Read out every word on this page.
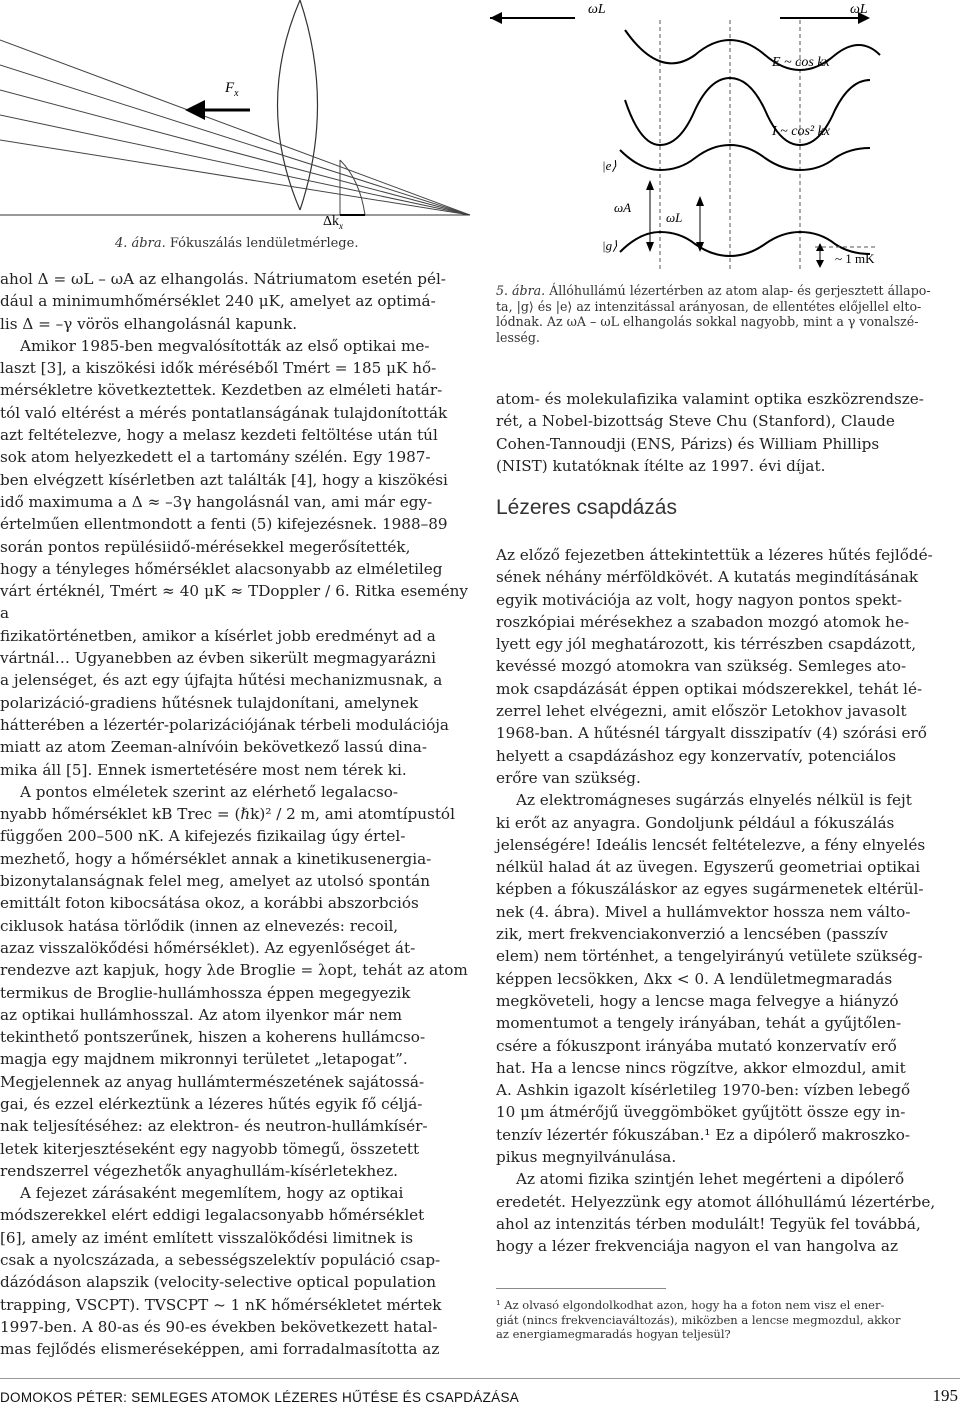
$F_x$
$\Delta k_x$
4. ábra. Fókuszálás lendületmérlege.
ωL	ωL
E ~ cos kx
I ~ cos² kx
|e⟩
|g⟩
ωA
ωL
~ 1 mK
5. ábra. Állóhullámú lézertérben az atom alap- és gerjesztett állapo-
ta, |g⟩ és |e⟩ az intenzitással arányosan, de ellentétes előjellel elto-
lódnak. Az ωA – ωL elhangolás sokkal nagyobb, mint a γ vonalszé-
lesség.
ahol Δ = ωL – ωA az elhangolás. Nátriumatom esetén pél-
dául a minimumhőmérséklet 240 μK, amelyet az optimá-
lis Δ = –γ vörös elhangolásnál kapunk.
Amikor 1985-ben megvalósították az első optikai me-
laszt [3], a kiszökési idők méréséből Tmért = 185 μK hő-
mérsékletre következtettek. Kezdetben az elméleti határ-
tól való eltérést a mérés pontatlanságának tulajdonították
azt feltételezve, hogy a melasz kezdeti feltöltése után túl
sok atom helyezkedett el a tartomány szélén. Egy 1987-
ben elvégzett kísérletben azt találták [4], hogy a kiszökési
idő maximuma a Δ ≈ –3γ hangolásnál van, ami már egy-
értelműen ellentmondott a fenti (5) kifejezésnek. 1988–89
során pontos repülésiidő-mérésekkel megerősítették,
hogy a tényleges hőmérséklet alacsonyabb az elméletileg
várt értéknél, Tmért ≈ 40 μK ≈ TDoppler / 6. Ritka esemény a
fizikatörténetben, amikor a kísérlet jobb eredményt ad a
vártnál… Ugyanebben az évben sikerült megmagyarázni
a jelenséget, és azt egy újfajta hűtési mechanizmusnak, a
polarizáció-gradiens hűtésnek tulajdonítani, amelynek
hátterében a lézertér-polarizációjának térbeli modulációja
miatt az atom Zeeman-alnívóin bekövetkező lassú dina-
mika áll [5]. Ennek ismertetésére most nem térek ki.
A pontos elméletek szerint az elérhető legalacso-
nyabb hőmérséklet kB Trec = (ℏk)² / 2 m, ami atomtípustól
függően 200–500 nK. A kifejezés fizikailag úgy értel-
mezhető, hogy a hőmérséklet annak a kinetikusenergia-
bizonytalanságnak felel meg, amelyet az utolsó spontán
emittált foton kibocsátása okoz, a korábbi abszorbciós
ciklusok hatása törlődik (innen az elnevezés: recoil,
azaz visszalökődési hőmérséklet). Az egyenlőséget át-
rendezve azt kapjuk, hogy λde Broglie = λopt, tehát az atom
termikus de Broglie-hullámhossza éppen megegyezik
az optikai hullámhosszal. Az atom ilyenkor már nem
tekinthető pontszerűnek, hiszen a koherens hullámcso-
magja egy majdnem mikronnyi területet „letapogat”.
Megjelennek az anyag hullámtermészetének sajátossá-
gai, és ezzel elérkeztünk a lézeres hűtés egyik fő céljá-
nak teljesítéséhez: az elektron- és neutron-hullámkísér-
letek kiterjesztéseként egy nagyobb tömegű, összetett
rendszerrel végezhetők anyaghullám-kísérletekhez.
A fejezet zárásaként megemlítem, hogy az optikai
módszerekkel elért eddigi legalacsonyabb hőmérséklet
[6], amely az imént említett visszalökődési limitnek is
csak a nyolcszázada, a sebességszelektív populáció csap-
dázódáson alapszik (velocity-selective optical population
trapping, VSCPT). TVSCPT ~ 1 nK hőmérsékletet mértek
1997-ben. A 80-as és 90-es években bekövetkezett hatal-
mas fejlődés elismeréseképpen, ami forradalmasította az
atom- és molekulafizika valamint optika eszközrendsze-
rét, a Nobel-bizottság Steve Chu (Stanford), Claude
Cohen-Tannoudji (ENS, Párizs) és William Phillips
(NIST) kutatóknak ítélte az 1997. évi díjat.
Lézeres csapdázás
Az előző fejezetben áttekintettük a lézeres hűtés fejlődé-
sének néhány mérföldkövét. A kutatás megindításának
egyik motivációja az volt, hogy nagyon pontos spekt-
roszkópiai mérésekhez a szabadon mozgó atomok he-
lyett egy jól meghatározott, kis térrészben csapdázott,
kevéssé mozgó atomokra van szükség. Semleges ato-
mok csapdázását éppen optikai módszerekkel, tehát lé-
zerrel lehet elvégezni, amit először Letokhov javasolt
1968-ban. A hűtésnél tárgyalt disszipatív (4) szórási erő
helyett a csapdázáshoz egy konzervatív, potenciálos
erőre van szükség.
Az elektromágneses sugárzás elnyelés nélkül is fejt
ki erőt az anyagra. Gondoljunk például a fókuszálás
jelenségére! Ideális lencsét feltételezve, a fény elnyelés
nélkül halad át az üvegen. Egyszerű geometriai optikai
képben a fókuszáláskor az egyes sugármenetek eltérül-
nek (4. ábra). Mivel a hullámvektor hossza nem válto-
zik, mert frekvenciakonverzió a lencsében (passzív
elem) nem történhet, a tengelyirányú vetülete szükség-
képpen lecsökken, Δkx < 0. A lendületmegmaradás
megköveteli, hogy a lencse maga felvegye a hiányzó
momentumot a tengely irányában, tehát a gyűjtőlen-
csére a fókuszpont irányába mutató konzervatív erő
hat. Ha a lencse nincs rögzítve, akkor elmozdul, amit
A. Ashkin igazolt kísérletileg 1970-ben: vízben lebegő
10 μm átmérőjű üveggömböket gyűjtött össze egy in-
tenzív lézertér fókuszában.¹ Ez a dipólerő makroszko-
pikus megnyilvánulása.
Az atomi fizika szintjén lehet megérteni a dipólerő
eredetét. Helyezzünk egy atomot állóhullámú lézertérbe,
ahol az intenzitás térben modulált! Tegyük fel továbbá,
hogy a lézer frekvenciája nagyon el van hangolva az
¹ Az olvasó elgondolkodhat azon, hogy ha a foton nem visz el ener-
giát (nincs frekvenciaváltozás), miközben a lencse megmozdul, akkor
az energiamegmaradás hogyan teljesül?
DOMOKOS PÉTER: SEMLEGES ATOMOK LÉZERES HŰTÉSE ÉS CSAPDÁZÁSA	195
